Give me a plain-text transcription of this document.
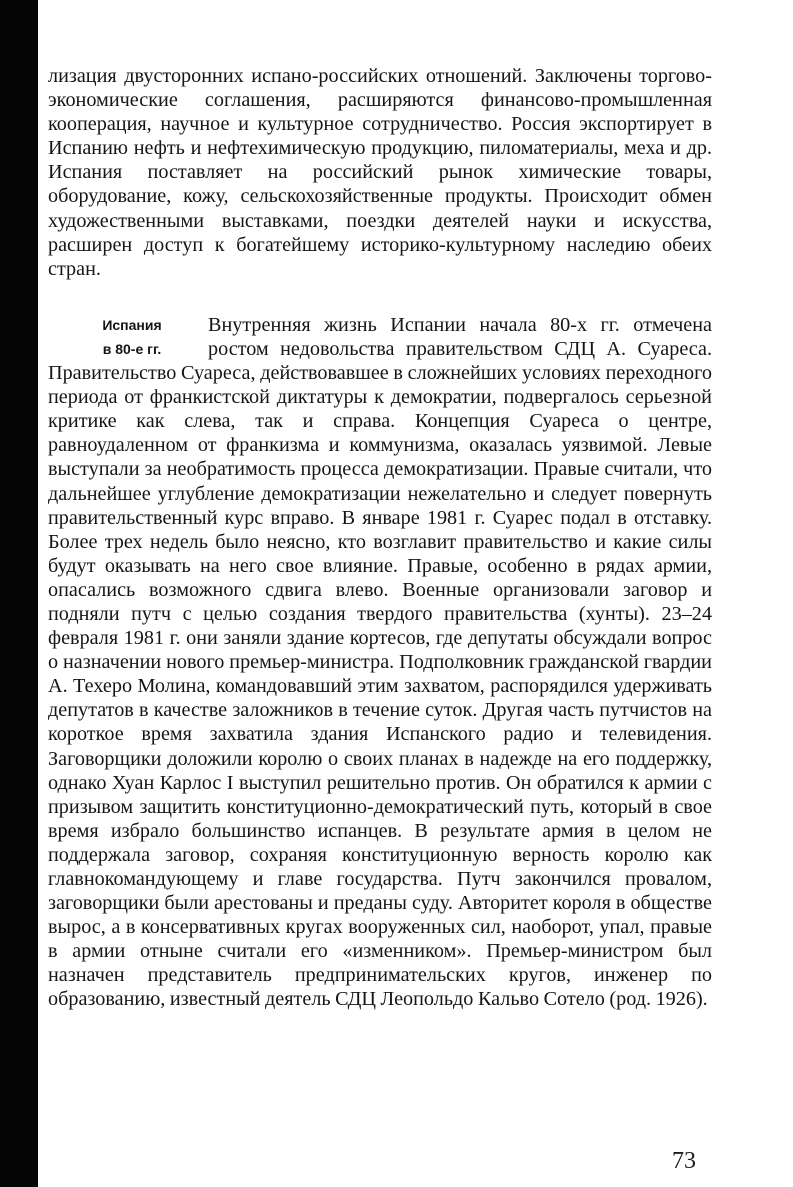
лизация двусторонних испано-российских отношений. Заключены торгово-экономические соглашения, расширяются финансово-промышленная кооперация, научное и культурное сотрудничество. Россия экспортирует в Испанию нефть и нефтехимическую продукцию, пиломатериалы, меха и др. Испания поставляет на российский рынок химические товары, оборудование, кожу, сельскохозяйственные продукты. Происходит обмен художественными выставками, поездки деятелей науки и искусства, расширен доступ к богатейшему историко-культурному наследию обеих стран.

Испания
в 80-е гг.

Внутренняя жизнь Испании начала 80-х гг. отмечена ростом недовольства правительством СДЦ А. Суареса. Правительство Суареса, действовавшее в сложнейших условиях переходного периода от франкистской диктатуры к демократии, подвергалось серьезной критике как слева, так и справа. Концепция Суареса о центре, равноудаленном от франкизма и коммунизма, оказалась уязвимой. Левые выступали за необратимость процесса демократизации. Правые считали, что дальнейшее углубление демократизации нежелательно и следует повернуть правительственный курс вправо. В январе 1981 г. Суарес подал в отставку. Более трех недель было неясно, кто возглавит правительство и какие силы будут оказывать на него свое влияние. Правые, особенно в рядах армии, опасались возможного сдвига влево. Военные организовали заговор и подняли путч с целью создания твердого правительства (хунты). 23–24 февраля 1981 г. они заняли здание кортесов, где депутаты обсуждали вопрос о назначении нового премьер-министра. Подполковник гражданской гвардии А. Техеро Молина, командовавший этим захватом, распорядился удерживать депутатов в качестве заложников в течение суток. Другая часть путчистов на короткое время захватила здания Испанского радио и телевидения. Заговорщики доложили королю о своих планах в надежде на его поддержку, однако Хуан Карлос I выступил решительно против. Он обратился к армии с призывом защитить конституционно-демократический путь, который в свое время избрало большинство испанцев. В результате армия в целом не поддержала заговор, сохраняя конституционную верность королю как главнокомандующему и главе государства. Путч закончился провалом, заговорщики были арестованы и преданы суду. Авторитет короля в обществе вырос, а в консервативных кругах вооруженных сил, наоборот, упал, правые в армии отныне считали его «изменником». Премьер-министром был назначен представитель предпринимательских кругов, инженер по образованию, известный деятель СДЦ Леопольдо Кальво Сотело (род. 1926).

73
